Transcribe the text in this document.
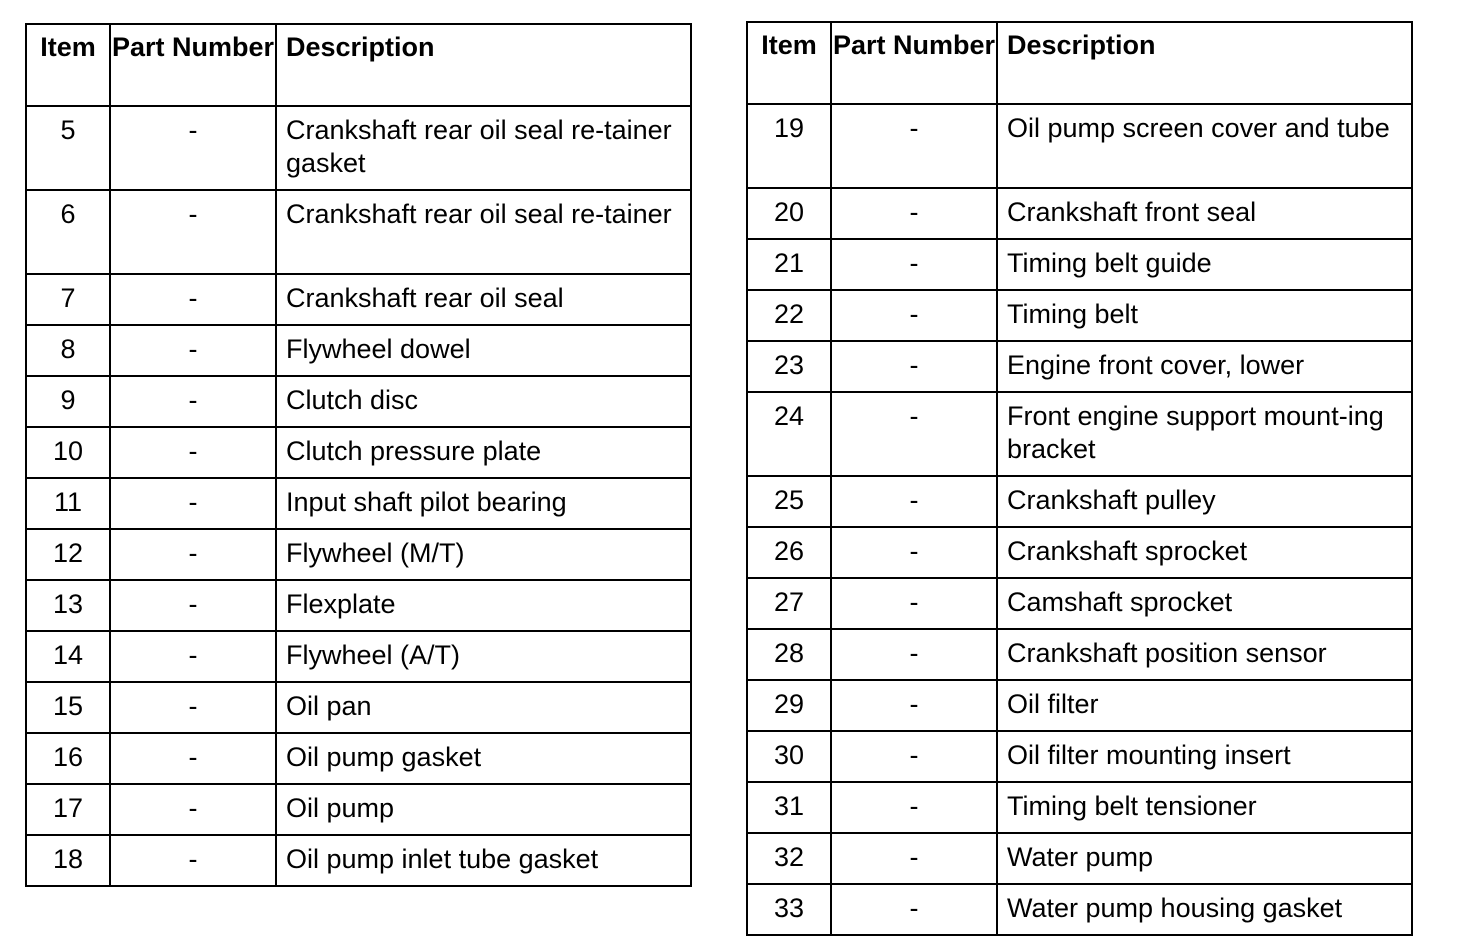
Item	Part Number	Description
5	-	Crankshaft rear oil seal re-tainer gasket
6	-	Crankshaft rear oil seal re-tainer
7	-	Crankshaft rear oil seal
8	-	Flywheel dowel
9	-	Clutch disc
10	-	Clutch pressure plate
11	-	Input shaft pilot bearing
12	-	Flywheel (M/T)
13	-	Flexplate
14	-	Flywheel (A/T)
15	-	Oil pan
16	-	Oil pump gasket
17	-	Oil pump
18	-	Oil pump inlet tube gasket
Item	Part Number	Description
19	-	Oil pump screen cover and tube
20	-	Crankshaft front seal
21	-	Timing belt guide
22	-	Timing belt
23	-	Engine front cover, lower
24	-	Front engine support mount-ing bracket
25	-	Crankshaft pulley
26	-	Crankshaft sprocket
27	-	Camshaft sprocket
28	-	Crankshaft position sensor
29	-	Oil filter
30	-	Oil filter mounting insert
31	-	Timing belt tensioner
32	-	Water pump
33	-	Water pump housing gasket
